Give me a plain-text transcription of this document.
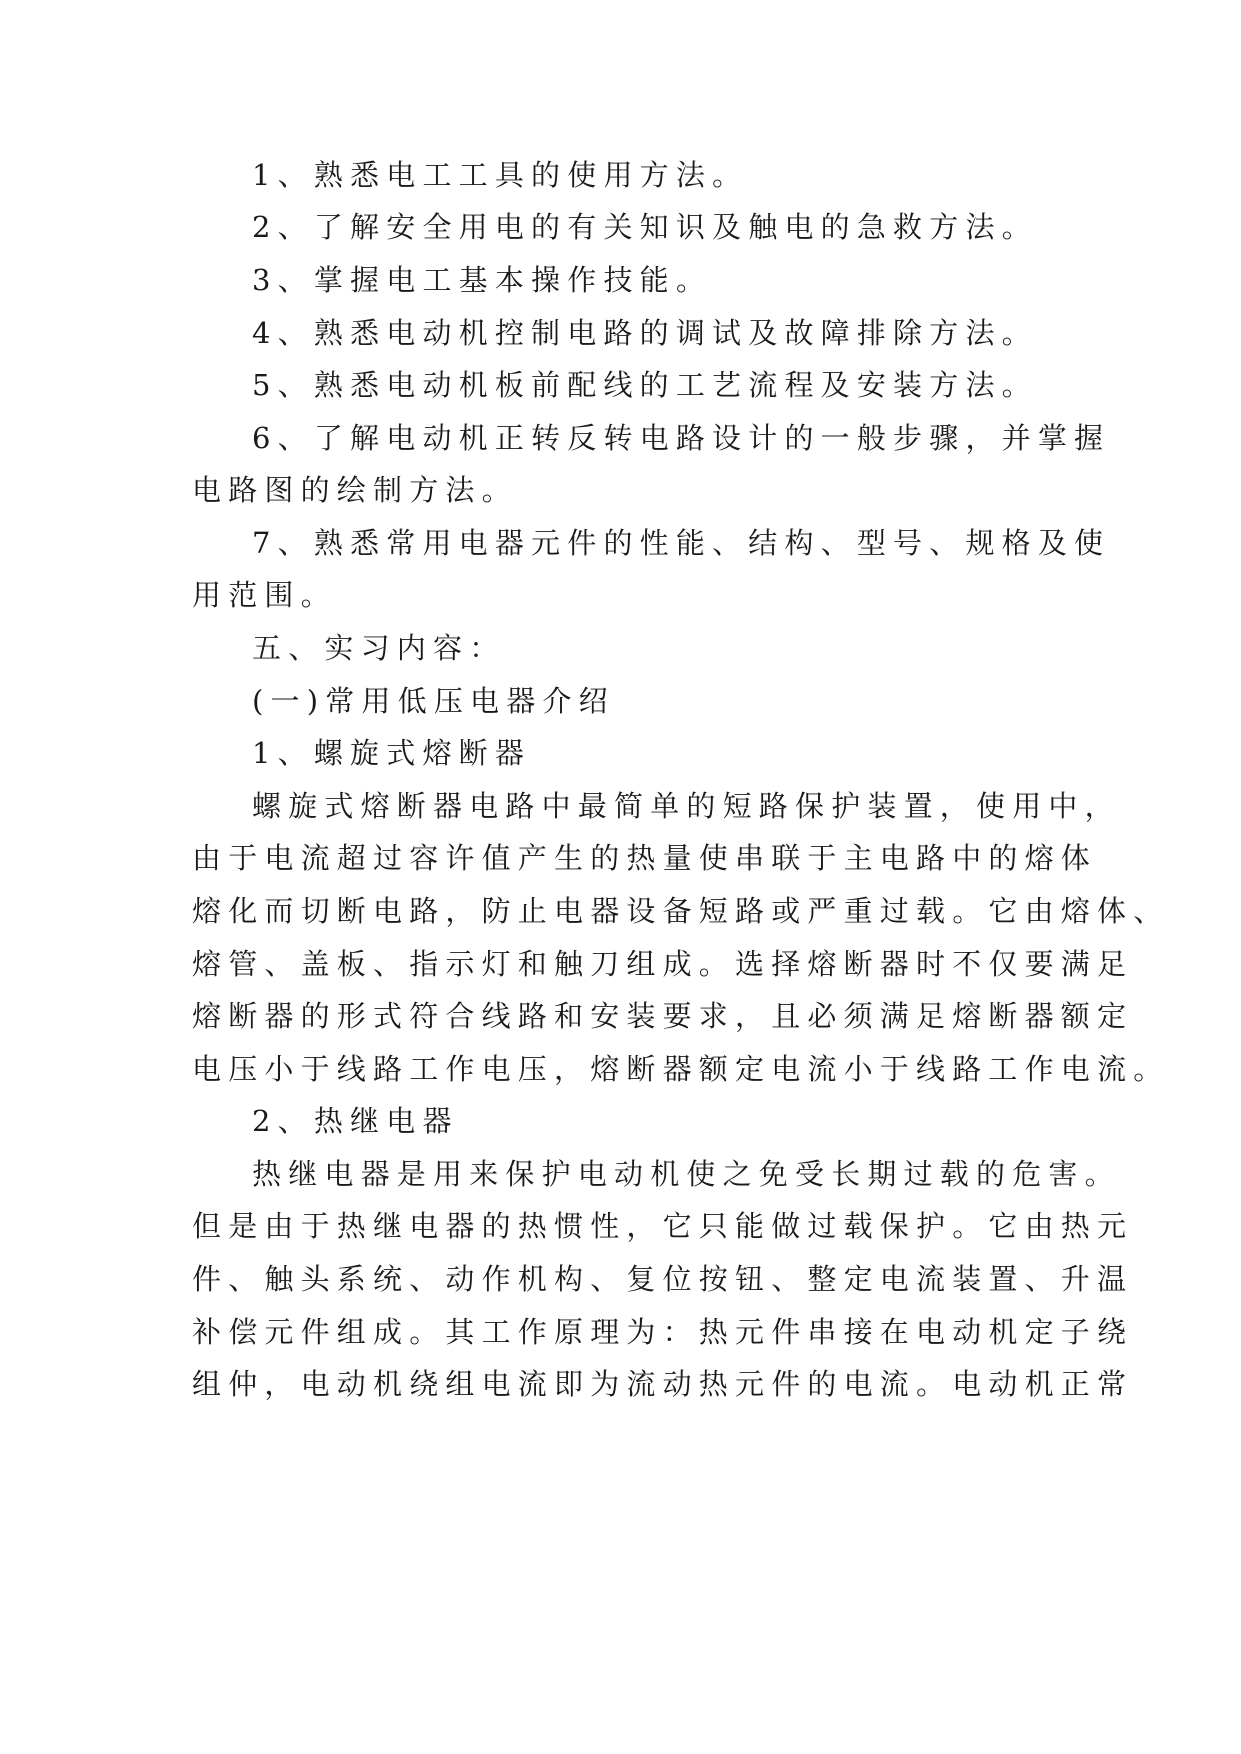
1、熟悉电工工具的使用方法。
2、了解安全用电的有关知识及触电的急救方法。
3、掌握电工基本操作技能。
4、熟悉电动机控制电路的调试及故障排除方法。
5、熟悉电动机板前配线的工艺流程及安装方法。
6、了解电动机正转反转电路设计的一般步骤，并掌握
电路图的绘制方法。
7、熟悉常用电器元件的性能、结构、型号、规格及使
用范围。
五、实习内容：
(一)常用低压电器介绍
1、螺旋式熔断器
螺旋式熔断器电路中最简单的短路保护装置，使用中，
由于电流超过容许值产生的热量使串联于主电路中的熔体
熔化而切断电路，防止电器设备短路或严重过载。它由熔体、
熔管、盖板、指示灯和触刀组成。选择熔断器时不仅要满足
熔断器的形式符合线路和安装要求，且必须满足熔断器额定
电压小于线路工作电压，熔断器额定电流小于线路工作电流。
2、热继电器
热继电器是用来保护电动机使之免受长期过载的危害。
但是由于热继电器的热惯性，它只能做过载保护。它由热元
件、触头系统、动作机构、复位按钮、整定电流装置、升温
补偿元件组成。其工作原理为：热元件串接在电动机定子绕
组仲，电动机绕组电流即为流动热元件的电流。电动机正常
